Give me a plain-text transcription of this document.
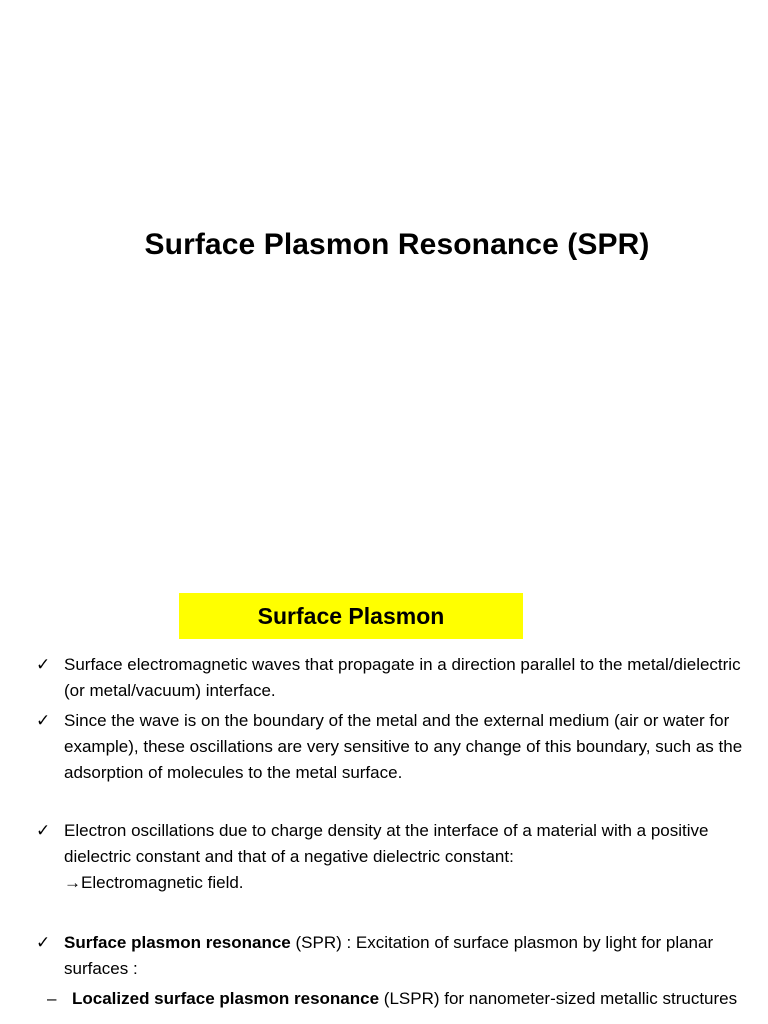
Surface Plasmon Resonance (SPR)
Surface Plasmon
✓ Surface electromagnetic waves that propagate in a direction parallel to the metal/dielectric (or metal/vacuum) interface.
✓ Since the wave is on the boundary of the metal and the external medium (air or water for example), these oscillations are very sensitive to any change of this boundary, such as the adsorption of molecules to the metal surface.
✓ Electron oscillations due to charge density at the interface of a material with a positive dielectric constant and that of a negative dielectric constant:
→Electromagnetic field.
✓ Surface plasmon resonance (SPR) : Excitation of surface plasmon by light for planar surfaces :
– Localized surface plasmon resonance (LSPR) for nanometer-sized metallic structures
